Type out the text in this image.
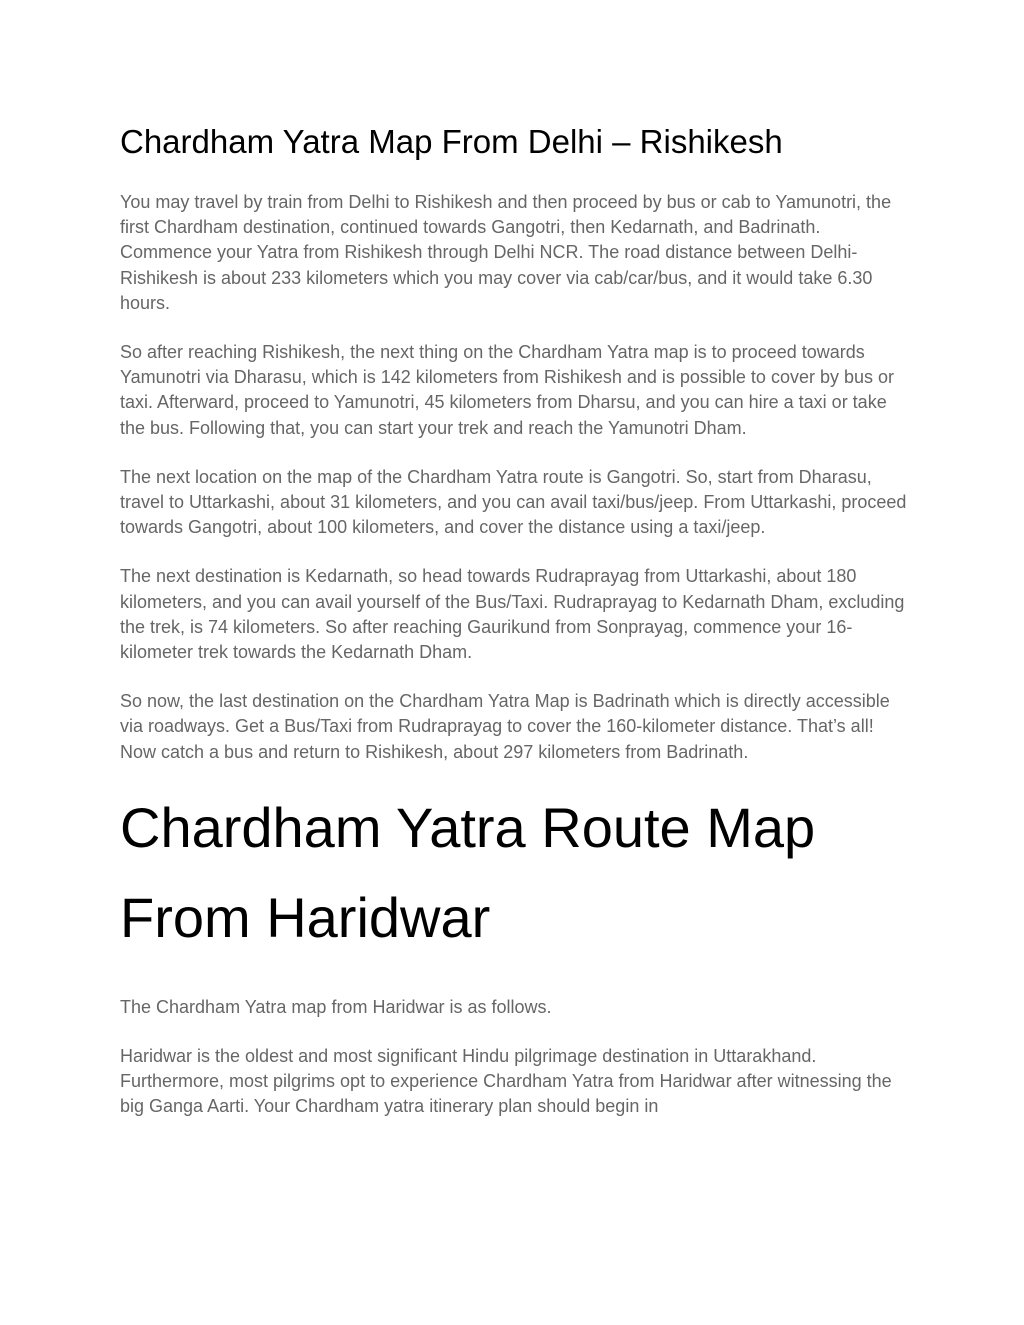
Chardham Yatra Map From Delhi – Rishikesh

You may travel by train from Delhi to Rishikesh and then proceed by bus or cab to Yamunotri, the first Chardham destination, continued towards Gangotri, then Kedarnath, and Badrinath. Commence your Yatra from Rishikesh through Delhi NCR. The road distance between Delhi-Rishikesh is about 233 kilometers which you may cover via cab/car/bus, and it would take 6.30 hours.

So after reaching Rishikesh, the next thing on the Chardham Yatra map is to proceed towards Yamunotri via Dharasu, which is 142 kilometers from Rishikesh and is possible to cover by bus or taxi. Afterward, proceed to Yamunotri, 45 kilometers from Dharsu, and you can hire a taxi or take the bus. Following that, you can start your trek and reach the Yamunotri Dham.

The next location on the map of the Chardham Yatra route is Gangotri. So, start from Dharasu, travel to Uttarkashi, about 31 kilometers, and you can avail taxi/bus/jeep. From Uttarkashi, proceed towards Gangotri, about 100 kilometers, and cover the distance using a taxi/jeep.

The next destination is Kedarnath, so head towards Rudraprayag from Uttarkashi, about 180 kilometers, and you can avail yourself of the Bus/Taxi. Rudraprayag to Kedarnath Dham, excluding the trek, is 74 kilometers. So after reaching Gaurikund from Sonprayag, commence your 16-kilometer trek towards the Kedarnath Dham.

So now, the last destination on the Chardham Yatra Map is Badrinath which is directly accessible via roadways. Get a Bus/Taxi from Rudraprayag to cover the 160-kilometer distance. That’s all! Now catch a bus and return to Rishikesh, about 297 kilometers from Badrinath.

Chardham Yatra Route Map From Haridwar

The Chardham Yatra map from Haridwar is as follows.

Haridwar is the oldest and most significant Hindu pilgrimage destination in Uttarakhand. Furthermore, most pilgrims opt to experience Chardham Yatra from Haridwar after witnessing the big Ganga Aarti. Your Chardham yatra itinerary plan should begin in
